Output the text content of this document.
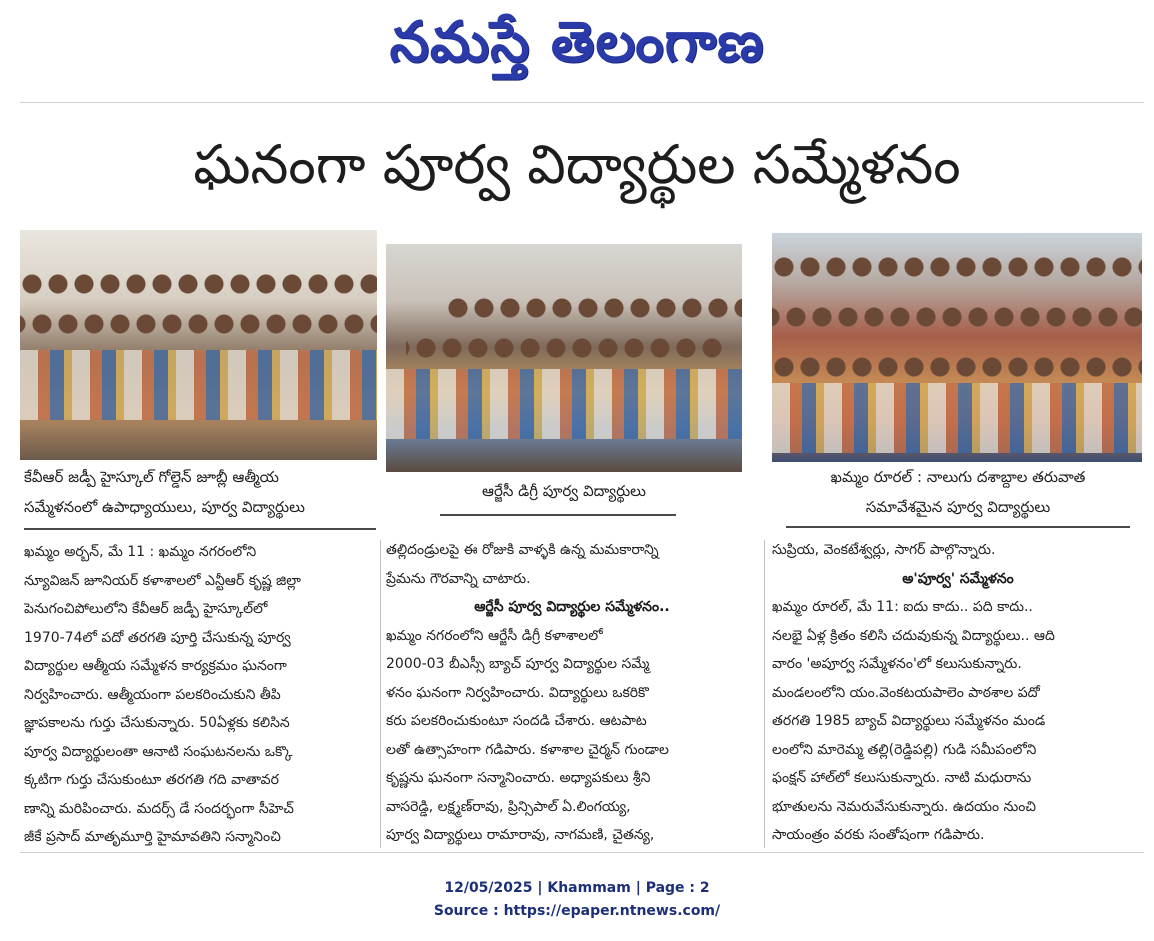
నమస్తే తెలంగాణ
ఘనంగా పూర్వ విద్యార్థుల సమ్మేళనం
కేవీఆర్ జడ్పీ హైస్కూల్ గోల్డెన్ జూబ్లీ ఆత్మీయ
సమ్మేళనంలో ఉపాధ్యాయులు, పూర్వ విద్యార్థులు
ఆర్జేసీ డిగ్రీ పూర్వ విద్యార్థులు
ఖమ్మం రూరల్ : నాలుగు దశాబ్దాల తరువాత
సమావేశమైన పూర్వ విద్యార్థులు
ఖమ్మం అర్బన్, మే 11 : ఖమ్మం నగరంలోని
న్యూవిజన్ జూనియర్ కళాశాలలో ఎన్టీఆర్ కృష్ణ జిల్లా
పెనుగంచిపోలులోని కేవీఆర్ జడ్పీ హైస్కూల్‌లో
1970-74లో పదో తరగతి పూర్తి చేసుకున్న పూర్వ
విద్యార్థుల ఆత్మీయ సమ్మేళన కార్యక్రమం ఘనంగా
నిర్వహించారు. ఆత్మీయంగా పలకరించుకుని తీపి
జ్ఞాపకాలను గుర్తు చేసుకున్నారు. 50ఏళ్లకు కలిసిన
పూర్వ విద్యార్థులంతా ఆనాటి సంఘటనలను ఒక్కొ
క్కటిగా గుర్తు చేసుకుంటూ తరగతి గది వాతావర
ణాన్ని మరిపించారు. మదర్స్ డే సందర్భంగా సీహెచ్
జీకే ప్రసాద్ మాతృమూర్తి హైమావతిని సన్మానించి
తల్లిదండ్రులపై ఈ రోజుకి వాళ్ళకి ఉన్న మమకారాన్ని
ప్రేమను గౌరవాన్ని చాటారు.
ఆర్జేసీ పూర్వ విద్యార్థుల సమ్మేళనం..
ఖమ్మం నగరంలోని ఆర్జేసీ డిగ్రీ కళాశాలలో
2000-03 బీఎస్సీ బ్యాచ్ పూర్వ విద్యార్థుల సమ్మే
ళనం ఘనంగా నిర్వహించారు. విద్యార్థులు ఒకరికొ
కరు పలకరించుకుంటూ సందడి చేశారు. ఆటపాట
లతో ఉత్సాహంగా గడిపారు. కళాశాల చైర్మన్ గుండాల
కృష్ణను ఘనంగా సన్మానించారు. అధ్యాపకులు శ్రీని
వాసరెడ్డి, లక్ష్మణ్‌రావు, ప్రిన్సిపాల్ ఏ.లింగయ్య,
పూర్వ విద్యార్థులు రామారావు, నాగమణి, చైతన్య,
సుప్రియ, వెంకటేశ్వర్లు, సాగర్ పాల్గొన్నారు.
అ'పూర్వ' సమ్మేళనం
ఖమ్మం రూరల్, మే 11: ఐదు కాదు.. పది కాదు..
నలభై ఏళ్ల క్రితం కలిసి చదువుకున్న విద్యార్థులు.. ఆది
వారం 'అపూర్వ సమ్మేళనం'లో కలుసుకున్నారు.
మండలంలోని యం.వెంకటయపాలెం పాఠశాల పదో
తరగతి 1985 బ్యాచ్ విద్యార్థులు సమ్మేళనం మండ
లంలోని మారెమ్మ తల్లి(రెడ్డిపల్లి) గుడి సమీపంలోని
ఫంక్షన్ హాల్‌లో కలుసుకున్నారు. నాటి మధురాను
భూతులను నెమరువేసుకున్నారు. ఉదయం నుంచి
సాయంత్రం వరకు సంతోషంగా గడిపారు.
12/05/2025 | Khammam | Page : 2
Source : https://epaper.ntnews.com/
